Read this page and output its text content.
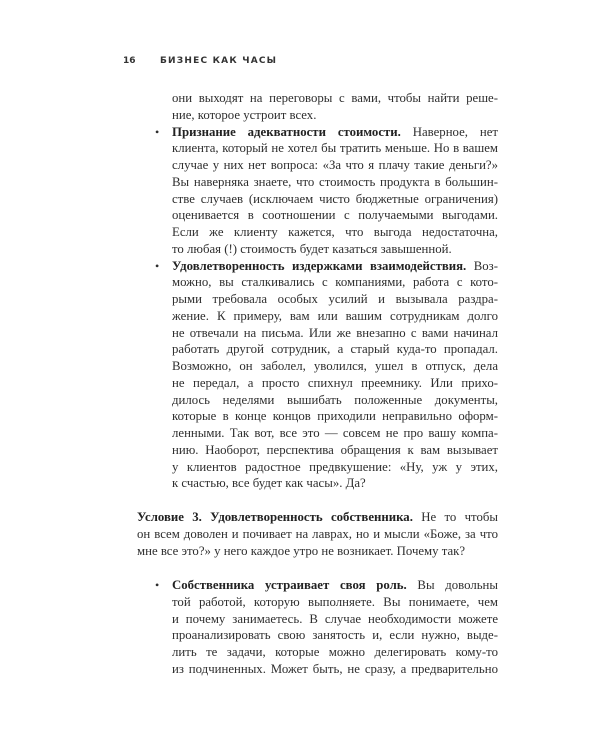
16	БИЗНЕС КАК ЧАСЫ
они выходят на переговоры с вами, чтобы найти реше-
ние, которое устроит всех.
• Признание адекватности стоимости. Наверное, нет
клиента, который не хотел бы тратить меньше. Но в вашем
случае у них нет вопроса: «За что я плачу такие деньги?»
Вы наверняка знаете, что стоимость продукта в большин-
стве случаев (исключаем чисто бюджетные ограничения)
оценивается в соотношении с получаемыми выгодами.
Если же клиенту кажется, что выгода недостаточна,
то любая (!) стоимость будет казаться завышенной.
• Удовлетворенность издержками взаимодействия. Воз-
можно, вы сталкивались с компаниями, работа с кото-
рыми требовала особых усилий и вызывала раздра-
жение. К примеру, вам или вашим сотрудникам долго
не отвечали на письма. Или же внезапно с вами начинал
работать другой сотрудник, а старый куда-то пропадал.
Возможно, он заболел, уволился, ушел в отпуск, дела
не передал, а просто спихнул преемнику. Или прихо-
дилось неделями вышибать положенные документы,
которые в конце концов приходили неправильно оформ-
ленными. Так вот, все это — совсем не про вашу компа-
нию. Наоборот, перспектива обращения к вам вызывает
у клиентов радостное предвкушение: «Ну, уж у этих,
к счастью, все будет как часы». Да?
Условие 3. Удовлетворенность собственника. Не то чтобы
он всем доволен и почивает на лаврах, но и мысли «Боже, за что
мне все это?» у него каждое утро не возникает. Почему так?
• Собственника устраивает своя роль. Вы довольны
той работой, которую выполняете. Вы понимаете, чем
и почему занимаетесь. В случае необходимости можете
проанализировать свою занятость и, если нужно, выде-
лить те задачи, которые можно делегировать кому-то
из подчиненных. Может быть, не сразу, а предварительно
